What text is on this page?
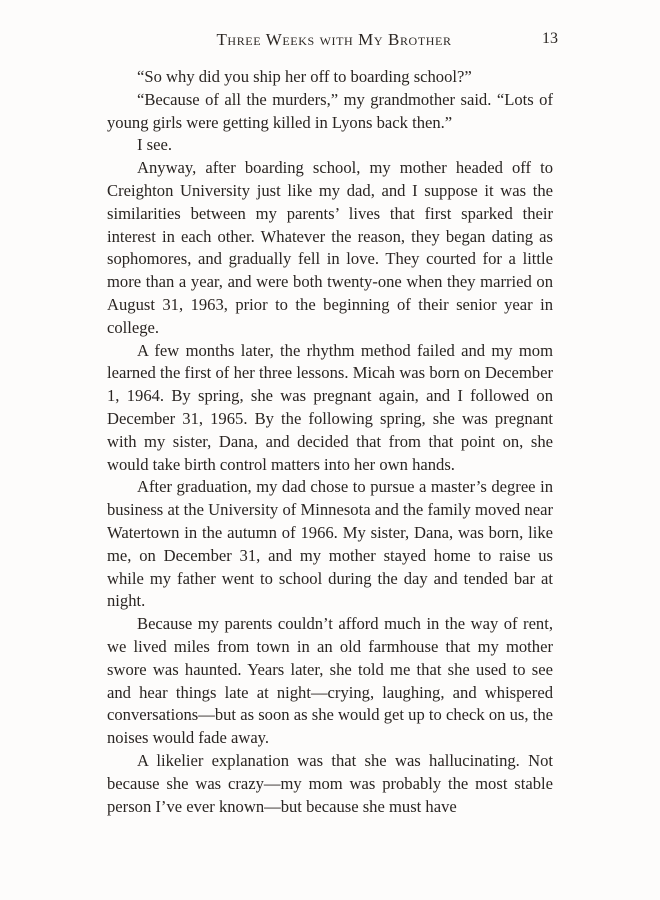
Three Weeks with My Brother	13

“So why did you ship her off to boarding school?”

“Because of all the murders,” my grandmother said. “Lots of young girls were getting killed in Lyons back then.”

I see.

Anyway, after boarding school, my mother headed off to Creighton University just like my dad, and I suppose it was the similarities between my parents’ lives that first sparked their interest in each other. Whatever the reason, they began dating as sophomores, and gradually fell in love. They courted for a little more than a year, and were both twenty-one when they married on August 31, 1963, prior to the beginning of their senior year in college.

A few months later, the rhythm method failed and my mom learned the first of her three lessons. Micah was born on December 1, 1964. By spring, she was pregnant again, and I followed on December 31, 1965. By the following spring, she was pregnant with my sister, Dana, and decided that from that point on, she would take birth control matters into her own hands.

After graduation, my dad chose to pursue a master’s degree in business at the University of Minnesota and the family moved near Watertown in the autumn of 1966. My sister, Dana, was born, like me, on December 31, and my mother stayed home to raise us while my father went to school during the day and tended bar at night.

Because my parents couldn’t afford much in the way of rent, we lived miles from town in an old farmhouse that my mother swore was haunted. Years later, she told me that she used to see and hear things late at night—crying, laughing, and whispered conversations—but as soon as she would get up to check on us, the noises would fade away.

A likelier explanation was that she was hallucinating. Not because she was crazy—my mom was probably the most stable person I’ve ever known—but because she must have
